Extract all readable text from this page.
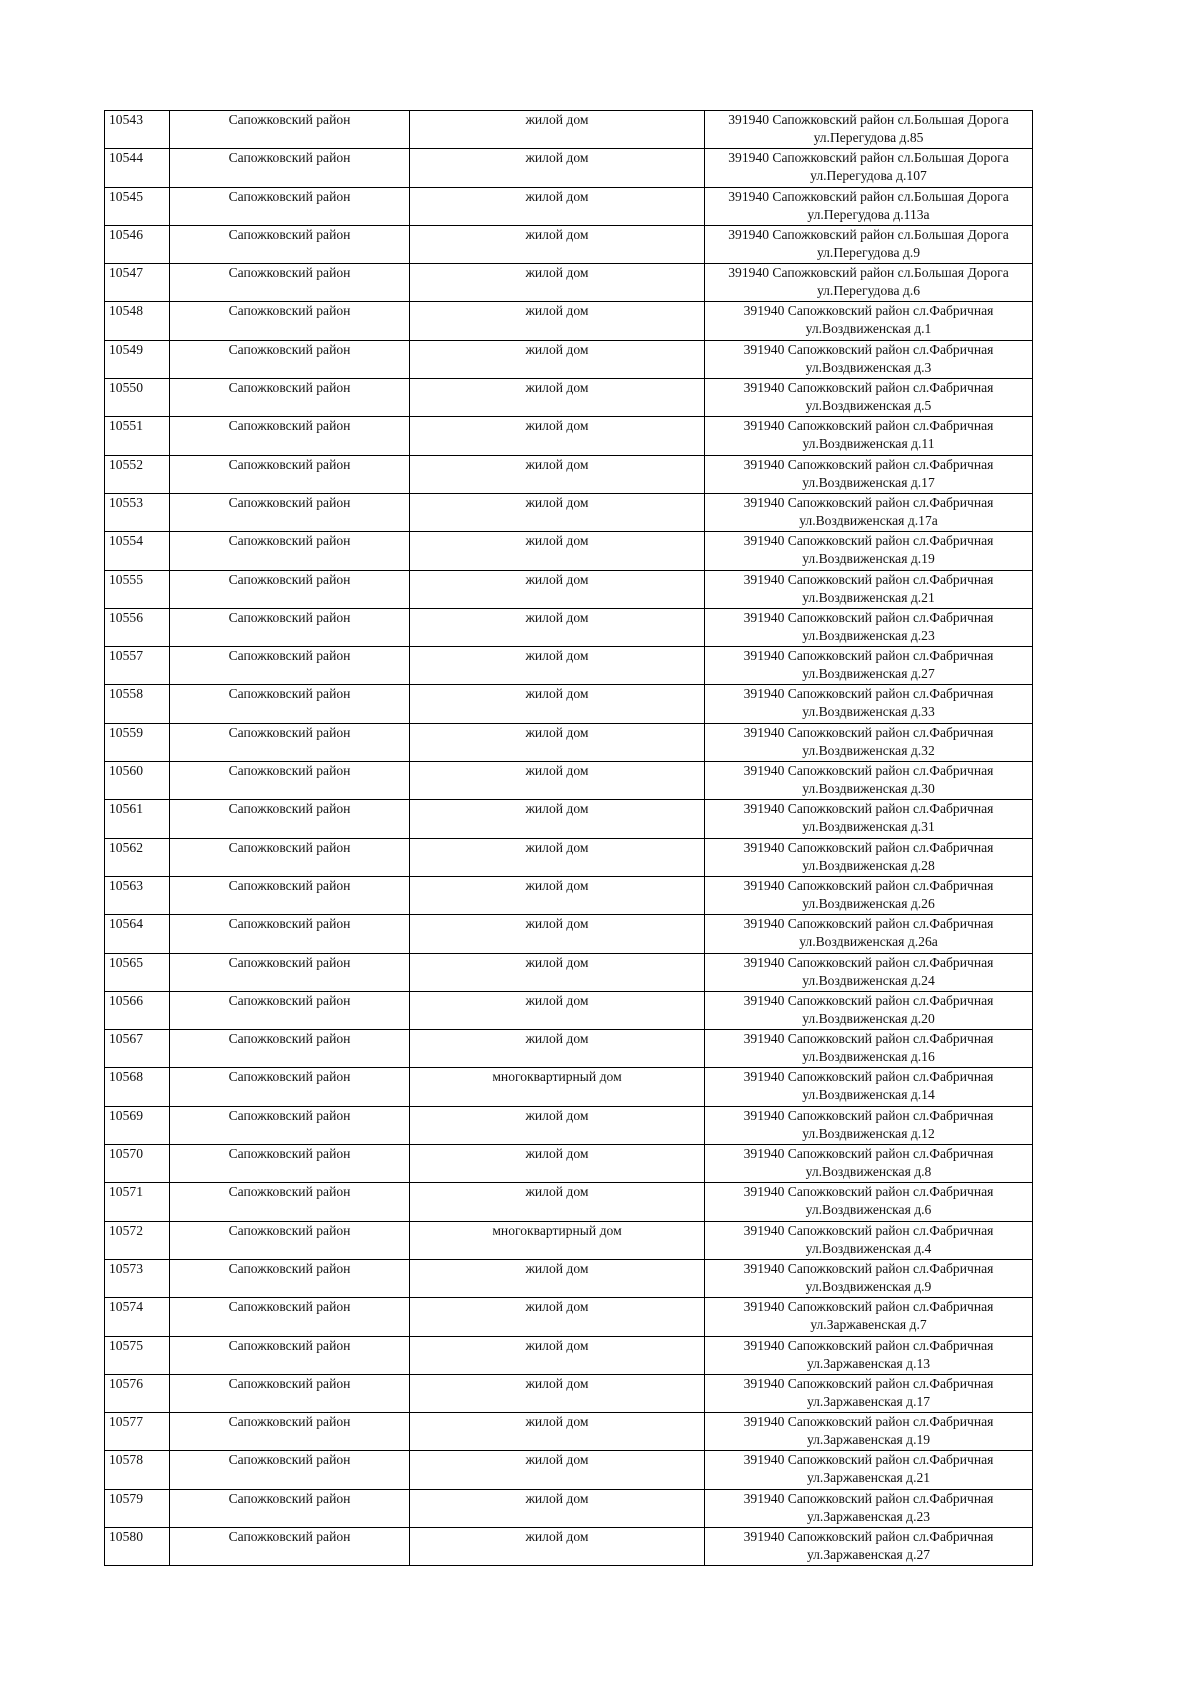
10543	Сапожковский район	жилой дом	391940 Сапожковский район сл.Большая Дорога
ул.Перегудова д.85

10544	Сапожковский район	жилой дом	391940 Сапожковский район сл.Большая Дорога
ул.Перегудова д.107

10545	Сапожковский район	жилой дом	391940 Сапожковский район сл.Большая Дорога
ул.Перегудова д.113а

10546	Сапожковский район	жилой дом	391940 Сапожковский район сл.Большая Дорога
ул.Перегудова д.9

10547	Сапожковский район	жилой дом	391940 Сапожковский район сл.Большая Дорога
ул.Перегудова д.6

10548	Сапожковский район	жилой дом	391940 Сапожковский район сл.Фабричная
ул.Воздвиженская д.1

10549	Сапожковский район	жилой дом	391940 Сапожковский район сл.Фабричная
ул.Воздвиженская д.3

10550	Сапожковский район	жилой дом	391940 Сапожковский район сл.Фабричная
ул.Воздвиженская д.5

10551	Сапожковский район	жилой дом	391940 Сапожковский район сл.Фабричная
ул.Воздвиженская д.11

10552	Сапожковский район	жилой дом	391940 Сапожковский район сл.Фабричная
ул.Воздвиженская д.17

10553	Сапожковский район	жилой дом	391940 Сапожковский район сл.Фабричная
ул.Воздвиженская д.17а

10554	Сапожковский район	жилой дом	391940 Сапожковский район сл.Фабричная
ул.Воздвиженская д.19

10555	Сапожковский район	жилой дом	391940 Сапожковский район сл.Фабричная
ул.Воздвиженская д.21

10556	Сапожковский район	жилой дом	391940 Сапожковский район сл.Фабричная
ул.Воздвиженская д.23

10557	Сапожковский район	жилой дом	391940 Сапожковский район сл.Фабричная
ул.Воздвиженская д.27

10558	Сапожковский район	жилой дом	391940 Сапожковский район сл.Фабричная
ул.Воздвиженская д.33

10559	Сапожковский район	жилой дом	391940 Сапожковский район сл.Фабричная
ул.Воздвиженская д.32

10560	Сапожковский район	жилой дом	391940 Сапожковский район сл.Фабричная
ул.Воздвиженская д.30

10561	Сапожковский район	жилой дом	391940 Сапожковский район сл.Фабричная
ул.Воздвиженская д.31

10562	Сапожковский район	жилой дом	391940 Сапожковский район сл.Фабричная
ул.Воздвиженская д.28

10563	Сапожковский район	жилой дом	391940 Сапожковский район сл.Фабричная
ул.Воздвиженская д.26

10564	Сапожковский район	жилой дом	391940 Сапожковский район сл.Фабричная
ул.Воздвиженская д.26а

10565	Сапожковский район	жилой дом	391940 Сапожковский район сл.Фабричная
ул.Воздвиженская д.24

10566	Сапожковский район	жилой дом	391940 Сапожковский район сл.Фабричная
ул.Воздвиженская д.20

10567	Сапожковский район	жилой дом	391940 Сапожковский район сл.Фабричная
ул.Воздвиженская д.16

10568	Сапожковский район	многоквартирный дом	391940 Сапожковский район сл.Фабричная
ул.Воздвиженская д.14

10569	Сапожковский район	жилой дом	391940 Сапожковский район сл.Фабричная
ул.Воздвиженская д.12

10570	Сапожковский район	жилой дом	391940 Сапожковский район сл.Фабричная
ул.Воздвиженская д.8

10571	Сапожковский район	жилой дом	391940 Сапожковский район сл.Фабричная
ул.Воздвиженская д.6

10572	Сапожковский район	многоквартирный дом	391940 Сапожковский район сл.Фабричная
ул.Воздвиженская д.4

10573	Сапожковский район	жилой дом	391940 Сапожковский район сл.Фабричная
ул.Воздвиженская д.9

10574	Сапожковский район	жилой дом	391940 Сапожковский район сл.Фабричная
ул.Заржавенская д.7

10575	Сапожковский район	жилой дом	391940 Сапожковский район сл.Фабричная
ул.Заржавенская д.13

10576	Сапожковский район	жилой дом	391940 Сапожковский район сл.Фабричная
ул.Заржавенская д.17

10577	Сапожковский район	жилой дом	391940 Сапожковский район сл.Фабричная
ул.Заржавенская д.19

10578	Сапожковский район	жилой дом	391940 Сапожковский район сл.Фабричная
ул.Заржавенская д.21

10579	Сапожковский район	жилой дом	391940 Сапожковский район сл.Фабричная
ул.Заржавенская д.23

10580	Сапожковский район	жилой дом	391940 Сапожковский район сл.Фабричная
ул.Заржавенская д.27
